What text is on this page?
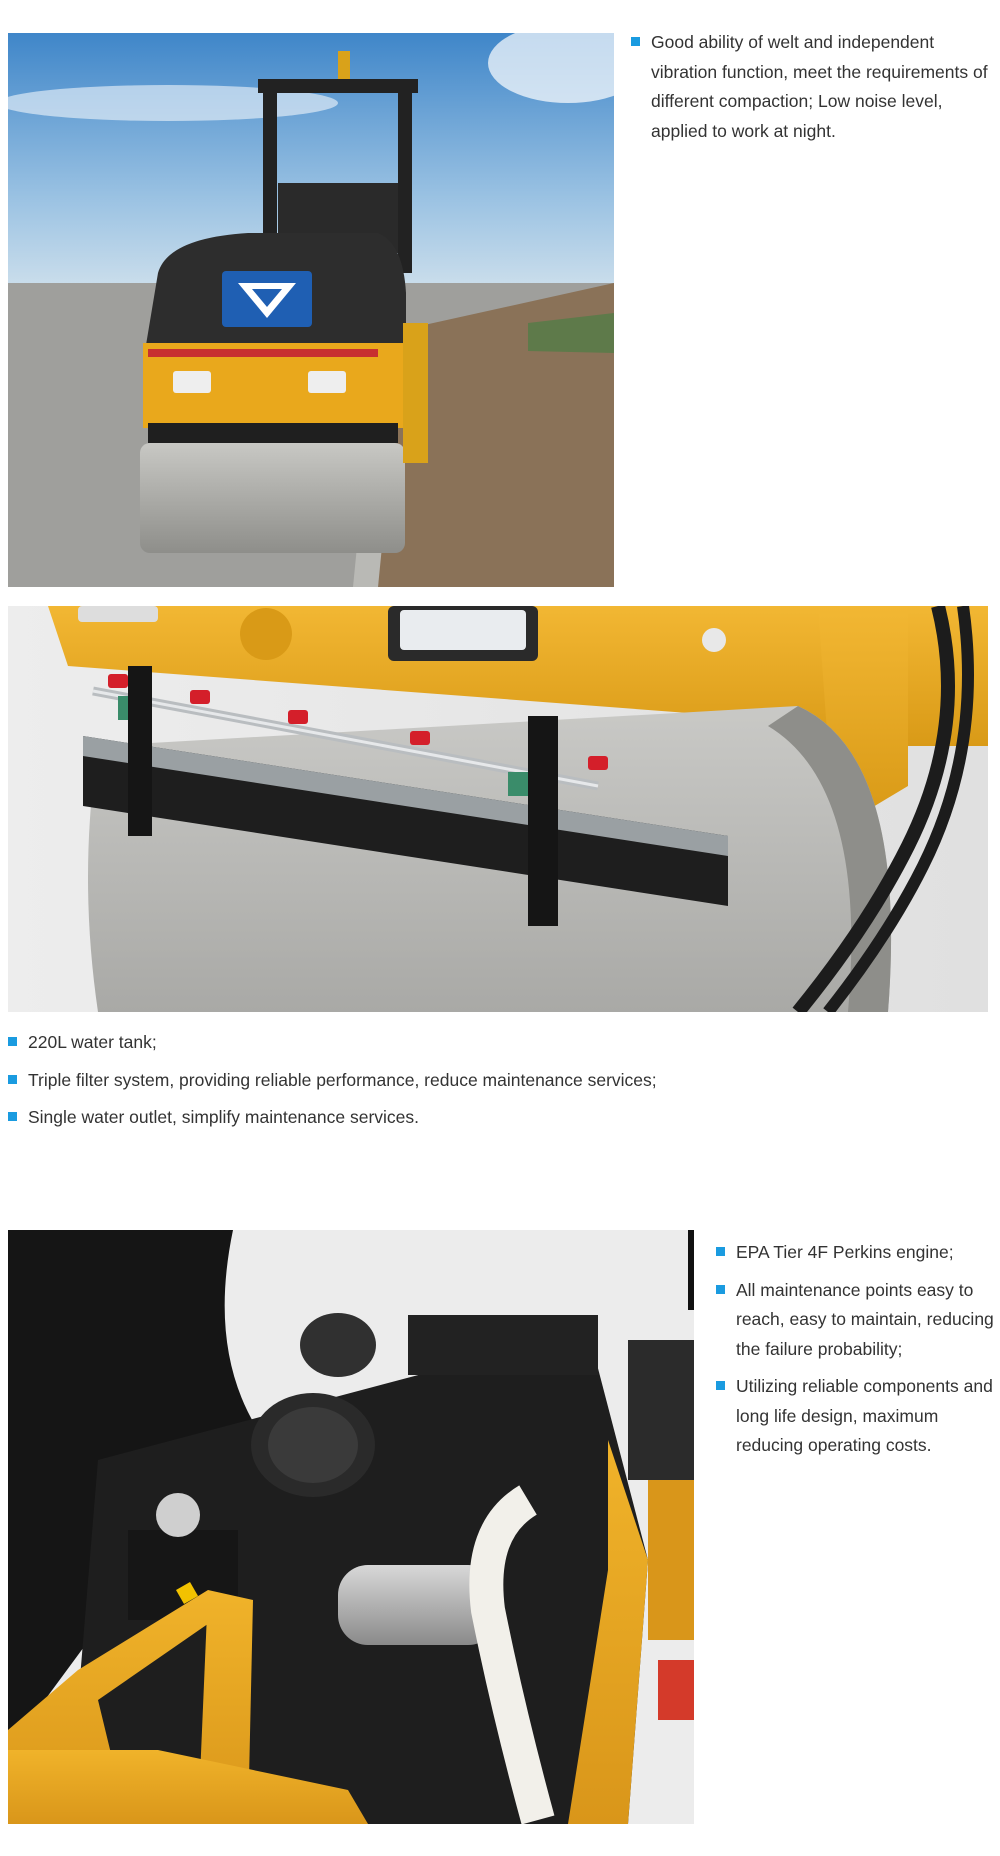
Good ability of welt and independent vibration function, meet the requirements of different compaction; Low noise level, applied to work at night.
220L water tank;
Triple filter system, providing reliable performance, reduce maintenance services;
Single water outlet, simplify maintenance services.
EPA Tier 4F Perkins engine;
All maintenance points easy to reach, easy to maintain, reducing the failure probability;
Utilizing reliable components and long life design, maximum reducing operating costs.
